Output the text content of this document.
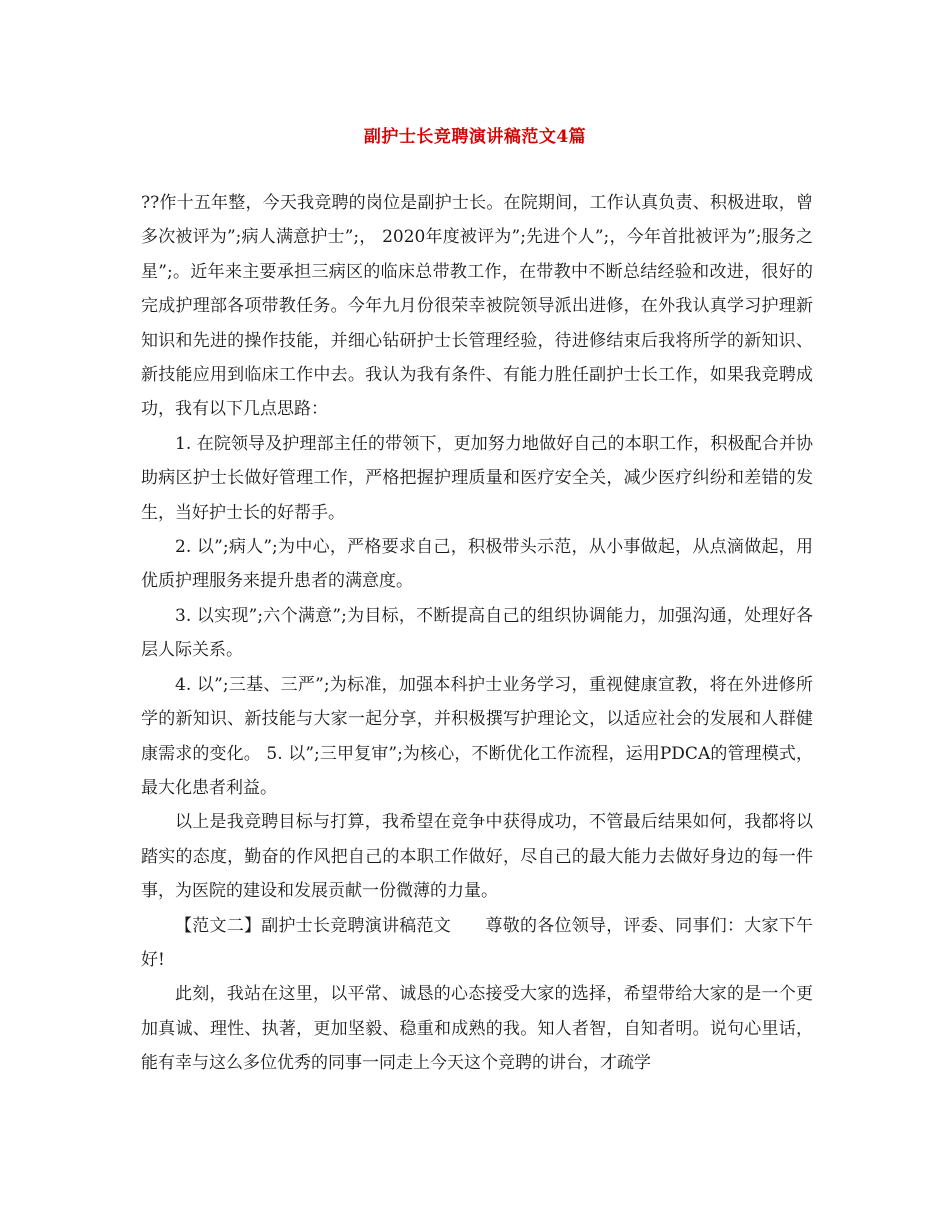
副护士长竞聘演讲稿范文4篇

??作十五年整，今天我竞聘的岗位是副护士长。在院期间，工作认真负责、积极进取，曾多次被评为”;病人满意护士”;， 2020年度被评为”;先进个人”;，今年首批被评为”;服务之星”;。近年来主要承担三病区的临床总带教工作，在带教中不断总结经验和改进，很好的完成护理部各项带教任务。今年九月份很荣幸被院领导派出进修，在外我认真学习护理新知识和先进的操作技能，并细心钻研护士长管理经验，待进修结束后我将所学的新知识、新技能应用到临床工作中去。我认为我有条件、有能力胜任副护士长工作，如果我竞聘成功，我有以下几点思路：

1. 在院领导及护理部主任的带领下，更加努力地做好自己的本职工作，积极配合并协助病区护士长做好管理工作，严格把握护理质量和医疗安全关，减少医疗纠纷和差错的发生，当好护士长的好帮手。

2. 以”;病人”;为中心，严格要求自己，积极带头示范，从小事做起，从点滴做起，用优质护理服务来提升患者的满意度。

3. 以实现”;六个满意”;为目标，不断提高自己的组织协调能力，加强沟通，处理好各层人际关系。

4. 以”;三基、三严”;为标准，加强本科护士业务学习，重视健康宣教，将在外进修所学的新知识、新技能与大家一起分享，并积极撰写护理论文，以适应社会的发展和人群健康需求的变化。 5. 以”;三甲复审”;为核心，不断优化工作流程，运用PDCA的管理模式，最大化患者利益。

以上是我竞聘目标与打算，我希望在竞争中获得成功，不管最后结果如何，我都将以踏实的态度，勤奋的作风把自己的本职工作做好，尽自己的最大能力去做好身边的每一件事，为医院的建设和发展贡献一份微薄的力量。

【范文二】副护士长竞聘演讲稿范文　　尊敬的各位领导，评委、同事们：大家下午好!

此刻，我站在这里，以平常、诚恳的心态接受大家的选择，希望带给大家的是一个更加真诚、理性、执著，更加坚毅、稳重和成熟的我。知人者智，自知者明。说句心里话，能有幸与这么多位优秀的同事一同走上今天这个竞聘的讲台，才疏学
